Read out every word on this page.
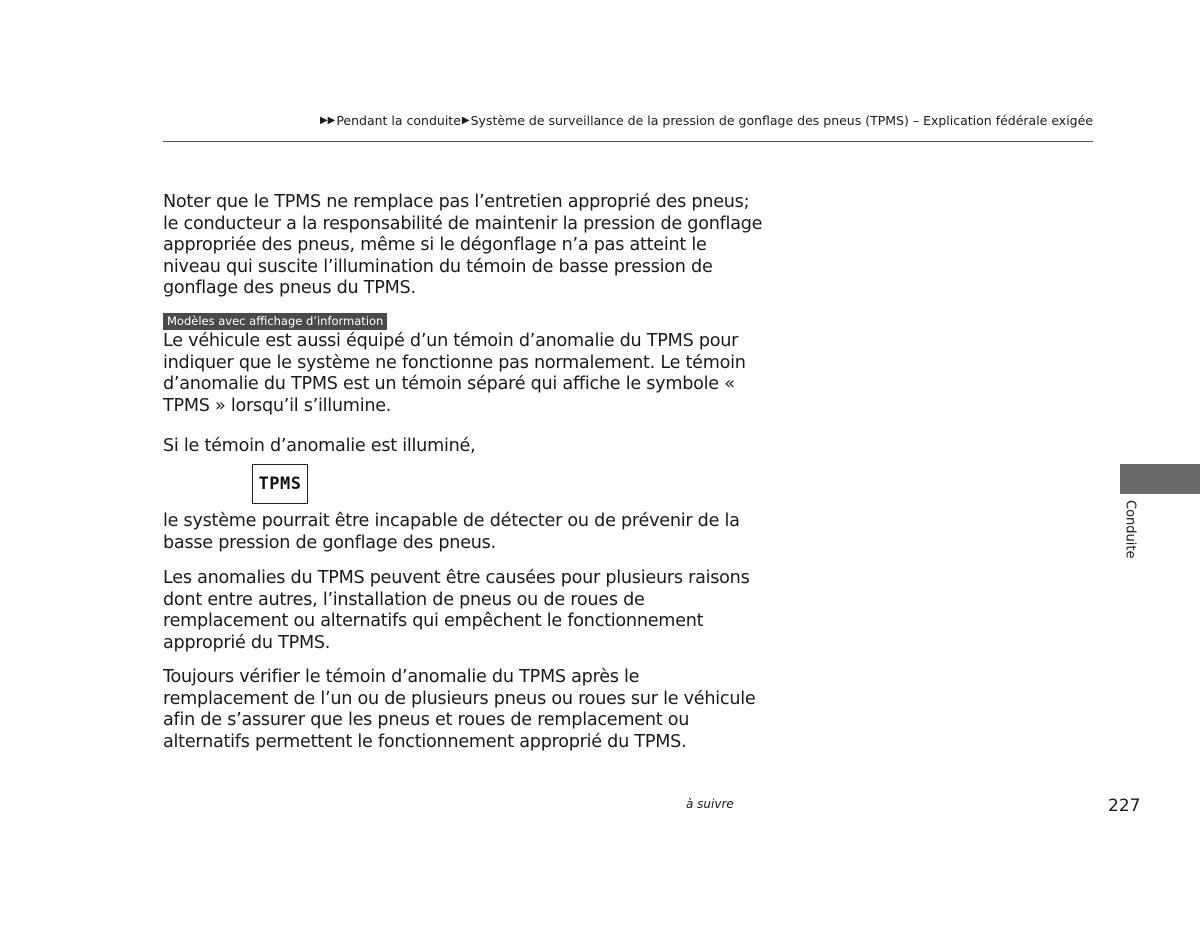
▶▶ Pendant la conduite ▶ Système de surveillance de la pression de gonflage des pneus (TPMS) – Explication fédérale exigée

Noter que le TPMS ne remplace pas l’entretien approprié des pneus; le conducteur a la responsabilité de maintenir la pression de gonflage appropriée des pneus, même si le dégonflage n’a pas atteint le niveau qui suscite l’illumination du témoin de basse pression de gonflage des pneus du TPMS.

Modèles avec affichage d’information

Le véhicule est aussi équipé d’un témoin d’anomalie du TPMS pour indiquer que le système ne fonctionne pas normalement. Le témoin d’anomalie du TPMS est un témoin séparé qui affiche le symbole « TPMS » lorsqu’il s’illumine.

Si le témoin d’anomalie est illuminé,

TPMS

le système pourrait être incapable de détecter ou de prévenir de la basse pression de gonflage des pneus.

Les anomalies du TPMS peuvent être causées pour plusieurs raisons dont entre autres, l’installation de pneus ou de roues de remplacement ou alternatifs qui empêchent le fonctionnement approprié du TPMS.

Toujours vérifier le témoin d’anomalie du TPMS après le remplacement de l’un ou de plusieurs pneus ou roues sur le véhicule afin de s’assurer que les pneus et roues de remplacement ou alternatifs permettent le fonctionnement approprié du TPMS.

Conduite
à suivre	227
